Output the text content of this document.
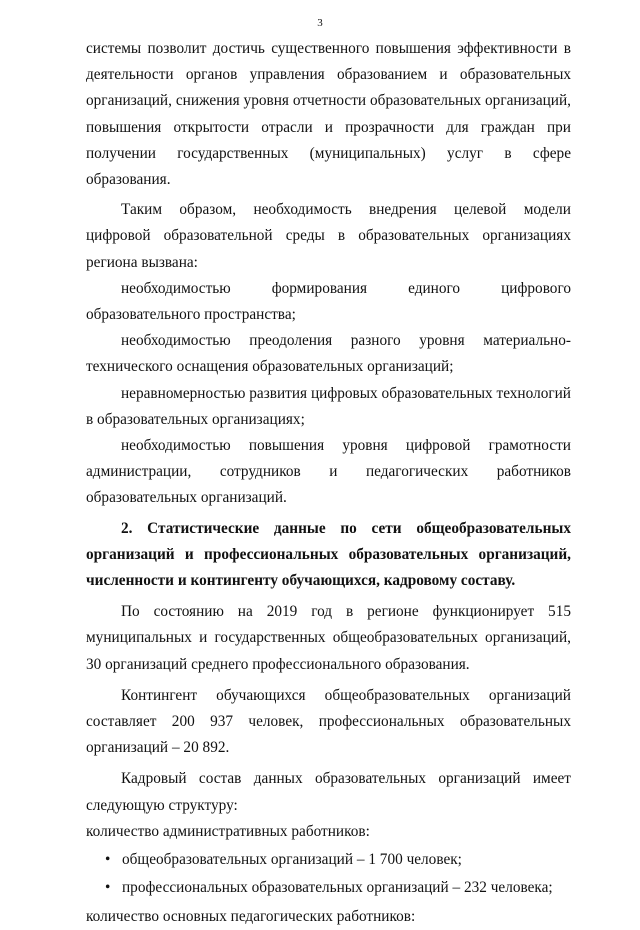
3

системы позволит достичь существенного повышения эффективности в деятельности органов управления образованием и образовательных организаций, снижения уровня отчетности образовательных организаций, повышения открытости отрасли и прозрачности для граждан при получении государственных (муниципальных) услуг в сфере образования.

Таким образом, необходимость внедрения целевой модели цифровой образовательной среды в образовательных организациях региона вызвана:

необходимостью формирования единого цифрового образовательного пространства;

необходимостью преодоления разного уровня материально-технического оснащения образовательных организаций;

неравномерностью развития цифровых образовательных технологий в образовательных организациях;

необходимостью повышения уровня цифровой грамотности администрации, сотрудников и педагогических работников образовательных организаций.

2. Статистические данные по сети общеобразовательных организаций и профессиональных образовательных организаций, численности и контингенту обучающихся, кадровому составу.

По состоянию на 2019 год в регионе функционирует 515 муниципальных и государственных общеобразовательных организаций, 30 организаций среднего профессионального образования.

Контингент обучающихся общеобразовательных организаций составляет 200 937 человек, профессиональных образовательных организаций – 20 892.

Кадровый состав данных образовательных организаций имеет следующую структуру:

количество административных работников:

• общеобразовательных организаций – 1 700 человек;
• профессиональных образовательных организаций – 232 человека;

количество основных педагогических работников:
